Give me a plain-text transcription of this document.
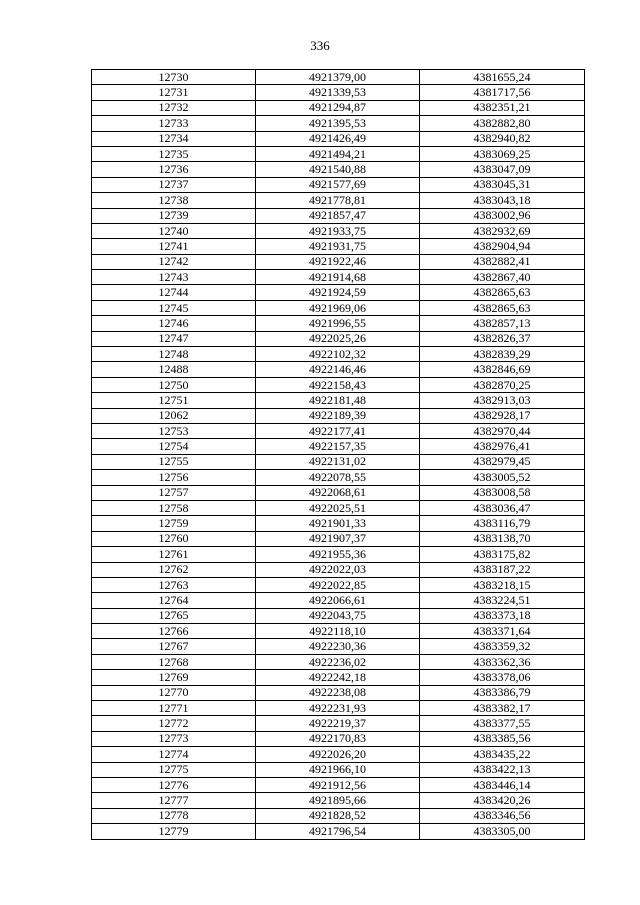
336
12730	4921379,00	4381655,24
12731	4921339,53	4381717,56
12732	4921294,87	4382351,21
12733	4921395,53	4382882,80
12734	4921426,49	4382940,82
12735	4921494,21	4383069,25
12736	4921540,88	4383047,09
12737	4921577,69	4383045,31
12738	4921778,81	4383043,18
12739	4921857,47	4383002,96
12740	4921933,75	4382932,69
12741	4921931,75	4382904,94
12742	4921922,46	4382882,41
12743	4921914,68	4382867,40
12744	4921924,59	4382865,63
12745	4921969,06	4382865,63
12746	4921996,55	4382857,13
12747	4922025,26	4382826,37
12748	4922102,32	4382839,29
12488	4922146,46	4382846,69
12750	4922158,43	4382870,25
12751	4922181,48	4382913,03
12062	4922189,39	4382928,17
12753	4922177,41	4382970,44
12754	4922157,35	4382976,41
12755	4922131,02	4382979,45
12756	4922078,55	4383005,52
12757	4922068,61	4383008,58
12758	4922025,51	4383036,47
12759	4921901,33	4383116,79
12760	4921907,37	4383138,70
12761	4921955,36	4383175,82
12762	4922022,03	4383187,22
12763	4922022,85	4383218,15
12764	4922066,61	4383224,51
12765	4922043,75	4383373,18
12766	4922118,10	4383371,64
12767	4922230,36	4383359,32
12768	4922236,02	4383362,36
12769	4922242,18	4383378,06
12770	4922238,08	4383386,79
12771	4922231,93	4383382,17
12772	4922219,37	4383377,55
12773	4922170,83	4383385,56
12774	4922026,20	4383435,22
12775	4921966,10	4383422,13
12776	4921912,56	4383446,14
12777	4921895,66	4383420,26
12778	4921828,52	4383346,56
12779	4921796,54	4383305,00
